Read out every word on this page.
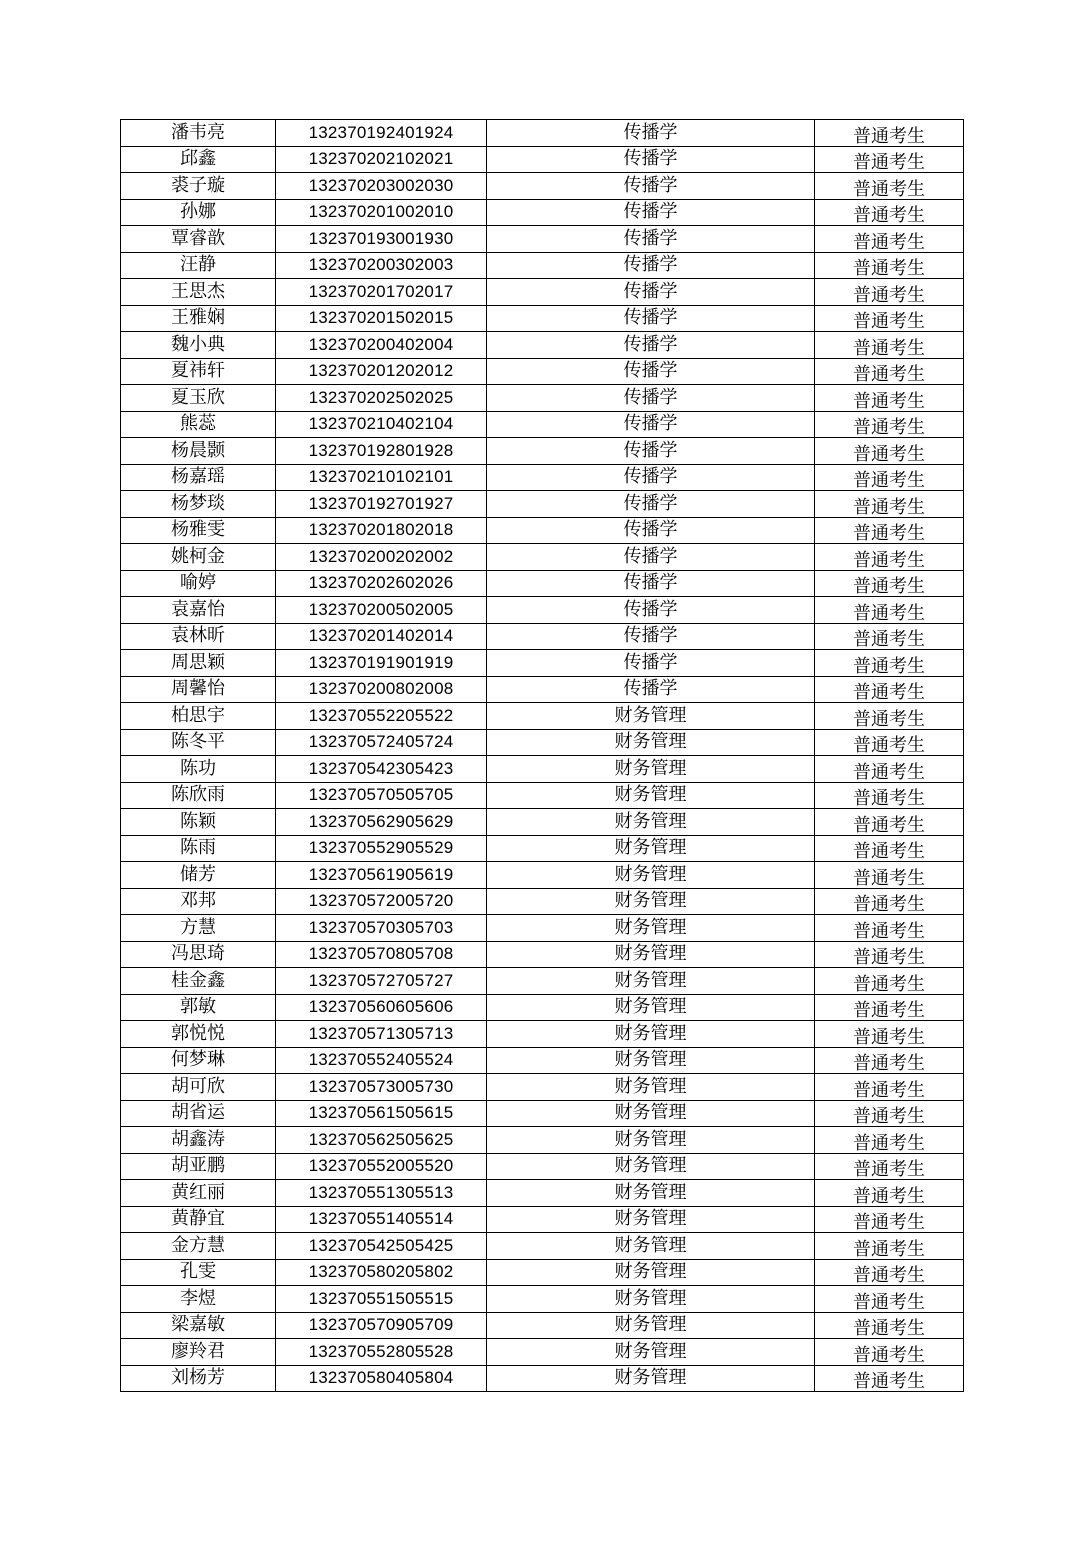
潘韦亮	132370192401924	传播学	普通考生
邱鑫	132370202102021	传播学	普通考生
裘子璇	132370203002030	传播学	普通考生
孙娜	132370201002010	传播学	普通考生
覃睿歆	132370193001930	传播学	普通考生
汪静	132370200302003	传播学	普通考生
王思杰	132370201702017	传播学	普通考生
王雅娴	132370201502015	传播学	普通考生
魏小典	132370200402004	传播学	普通考生
夏祎轩	132370201202012	传播学	普通考生
夏玉欣	132370202502025	传播学	普通考生
熊蕊	132370210402104	传播学	普通考生
杨晨颢	132370192801928	传播学	普通考生
杨嘉瑶	132370210102101	传播学	普通考生
杨梦琰	132370192701927	传播学	普通考生
杨雅雯	132370201802018	传播学	普通考生
姚柯金	132370200202002	传播学	普通考生
喻婷	132370202602026	传播学	普通考生
袁嘉怡	132370200502005	传播学	普通考生
袁林昕	132370201402014	传播学	普通考生
周思颖	132370191901919	传播学	普通考生
周馨怡	132370200802008	传播学	普通考生
柏思宇	132370552205522	财务管理	普通考生
陈冬平	132370572405724	财务管理	普通考生
陈功	132370542305423	财务管理	普通考生
陈欣雨	132370570505705	财务管理	普通考生
陈颖	132370562905629	财务管理	普通考生
陈雨	132370552905529	财务管理	普通考生
储芳	132370561905619	财务管理	普通考生
邓邦	132370572005720	财务管理	普通考生
方慧	132370570305703	财务管理	普通考生
冯思琦	132370570805708	财务管理	普通考生
桂金鑫	132370572705727	财务管理	普通考生
郭敏	132370560605606	财务管理	普通考生
郭悦悦	132370571305713	财务管理	普通考生
何梦琳	132370552405524	财务管理	普通考生
胡可欣	132370573005730	财务管理	普通考生
胡省运	132370561505615	财务管理	普通考生
胡鑫涛	132370562505625	财务管理	普通考生
胡亚鹏	132370552005520	财务管理	普通考生
黄红丽	132370551305513	财务管理	普通考生
黄静宜	132370551405514	财务管理	普通考生
金方慧	132370542505425	财务管理	普通考生
孔雯	132370580205802	财务管理	普通考生
李煜	132370551505515	财务管理	普通考生
梁嘉敏	132370570905709	财务管理	普通考生
廖羚君	132370552805528	财务管理	普通考生
刘杨芳	132370580405804	财务管理	普通考生
